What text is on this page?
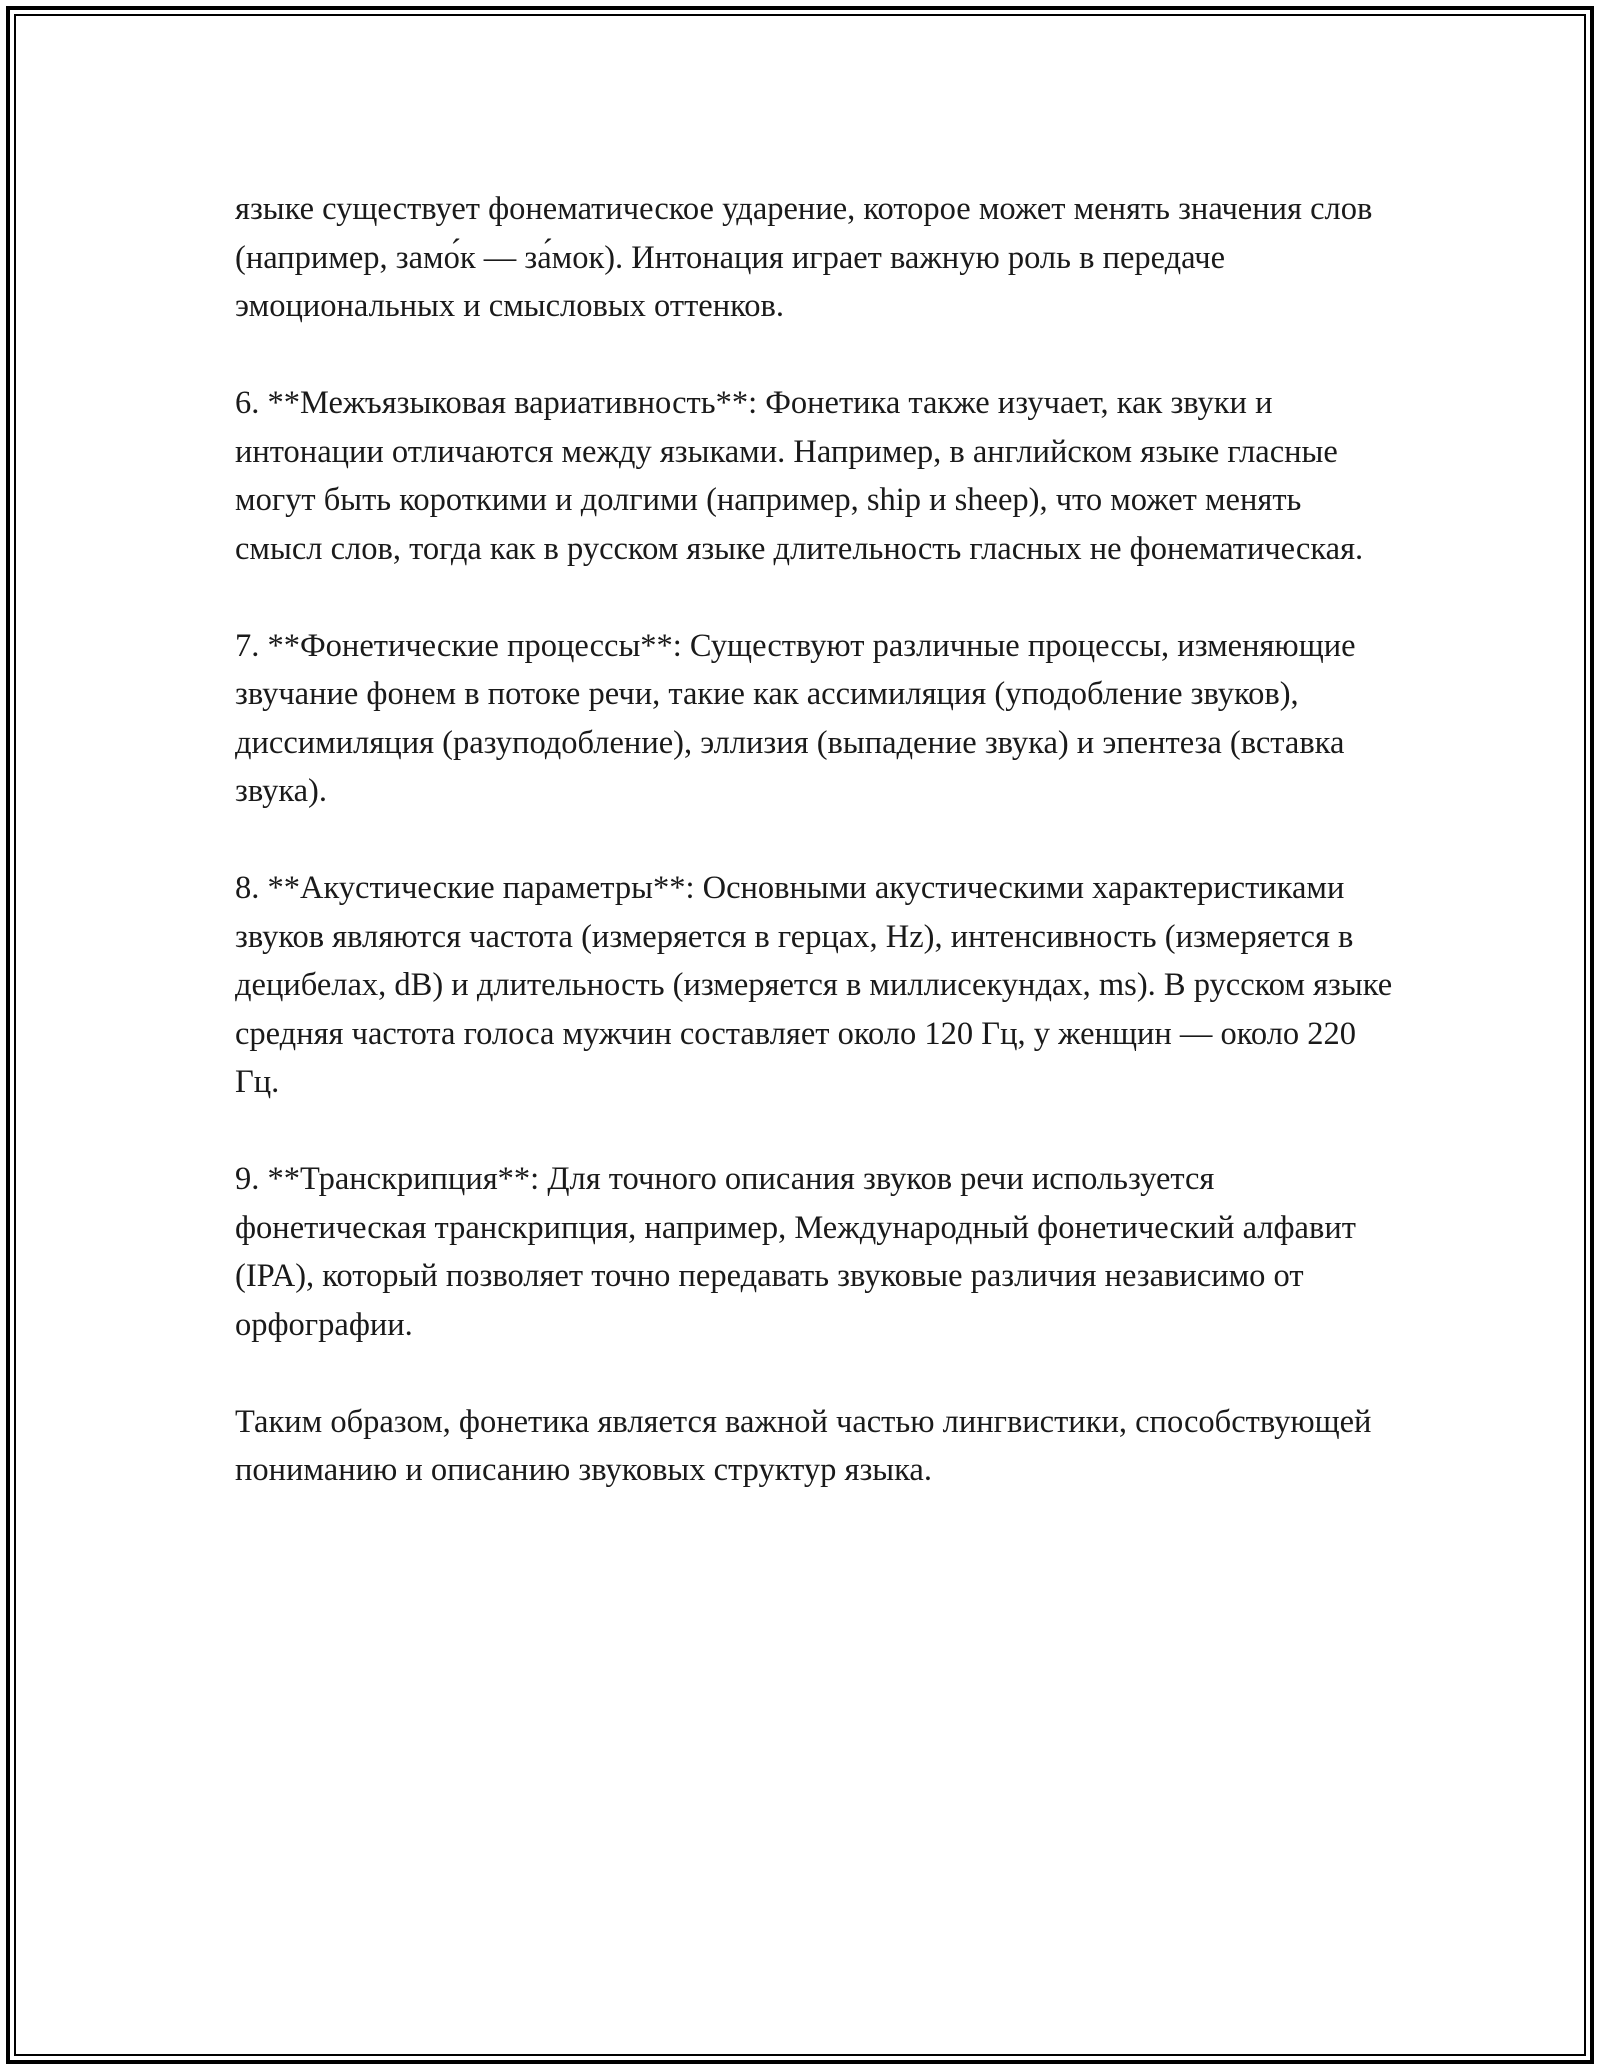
языке существует фонематическое ударение, которое может менять значения слов (например, замо́к — за́мок). Интонация играет важную роль в передаче эмоциональных и смысловых оттенков.

6. **Межъязыковая вариативность**: Фонетика также изучает, как звуки и интонации отличаются между языками. Например, в английском языке гласные могут быть короткими и долгими (например, ship и sheep), что может менять смысл слов, тогда как в русском языке длительность гласных не фонематическая.

7. **Фонетические процессы**: Существуют различные процессы, изменяющие звучание фонем в потоке речи, такие как ассимиляция (уподобление звуков), диссимиляция (разуподобление), эллизия (выпадение звука) и эпентеза (вставка звука).

8. **Акустические параметры**: Основными акустическими характеристиками звуков являются частота (измеряется в герцах, Hz), интенсивность (измеряется в децибелах, dB) и длительность (измеряется в миллисекундах, ms). В русском языке средняя частота голоса мужчин составляет около 120 Гц, у женщин — около 220 Гц.

9. **Транскрипция**: Для точного описания звуков речи используется фонетическая транскрипция, например, Международный фонетический алфавит (IPA), который позволяет точно передавать звуковые различия независимо от орфографии.

Таким образом, фонетика является важной частью лингвистики, способствующей пониманию и описанию звуковых структур языка.
